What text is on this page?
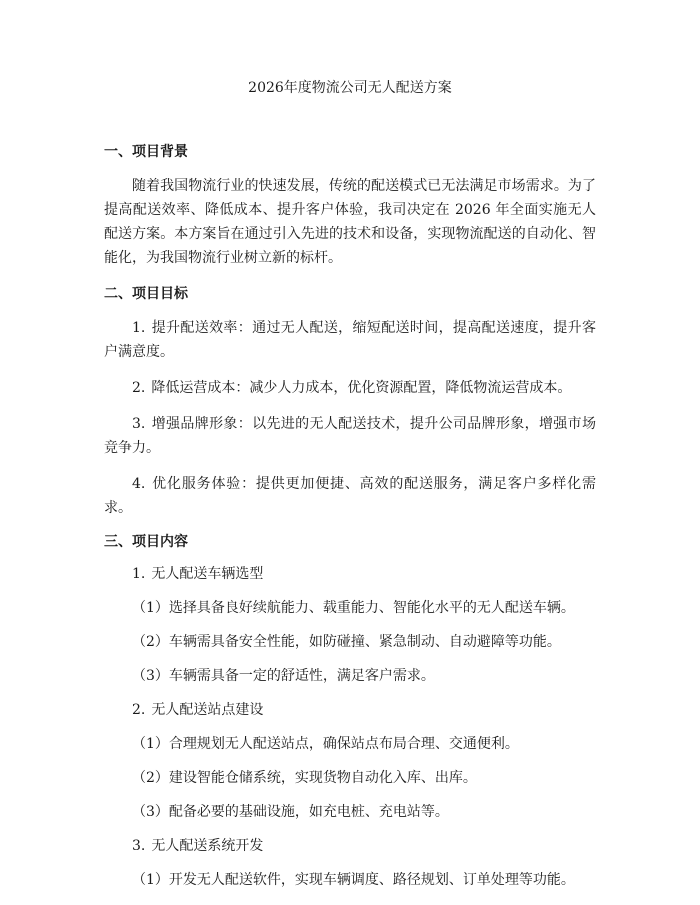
2026年度物流公司无人配送方案
一、项目背景
随着我国物流行业的快速发展，传统的配送模式已无法满足市场需求。为了提高配送效率、降低成本、提升客户体验，我司决定在 2026 年全面实施无人配送方案。本方案旨在通过引入先进的技术和设备，实现物流配送的自动化、智能化，为我国物流行业树立新的标杆。
二、项目目标
1. 提升配送效率：通过无人配送，缩短配送时间，提高配送速度，提升客户满意度。
2. 降低运营成本：减少人力成本，优化资源配置，降低物流运营成本。
3. 增强品牌形象：以先进的无人配送技术，提升公司品牌形象，增强市场竞争力。
4. 优化服务体验：提供更加便捷、高效的配送服务，满足客户多样化需求。
三、项目内容
1. 无人配送车辆选型
（1）选择具备良好续航能力、载重能力、智能化水平的无人配送车辆。
（2）车辆需具备安全性能，如防碰撞、紧急制动、自动避障等功能。
（3）车辆需具备一定的舒适性，满足客户需求。
2. 无人配送站点建设
（1）合理规划无人配送站点，确保站点布局合理、交通便利。
（2）建设智能仓储系统，实现货物自动化入库、出库。
（3）配备必要的基础设施，如充电桩、充电站等。
3. 无人配送系统开发
（1）开发无人配送软件，实现车辆调度、路径规划、订单处理等功能。
